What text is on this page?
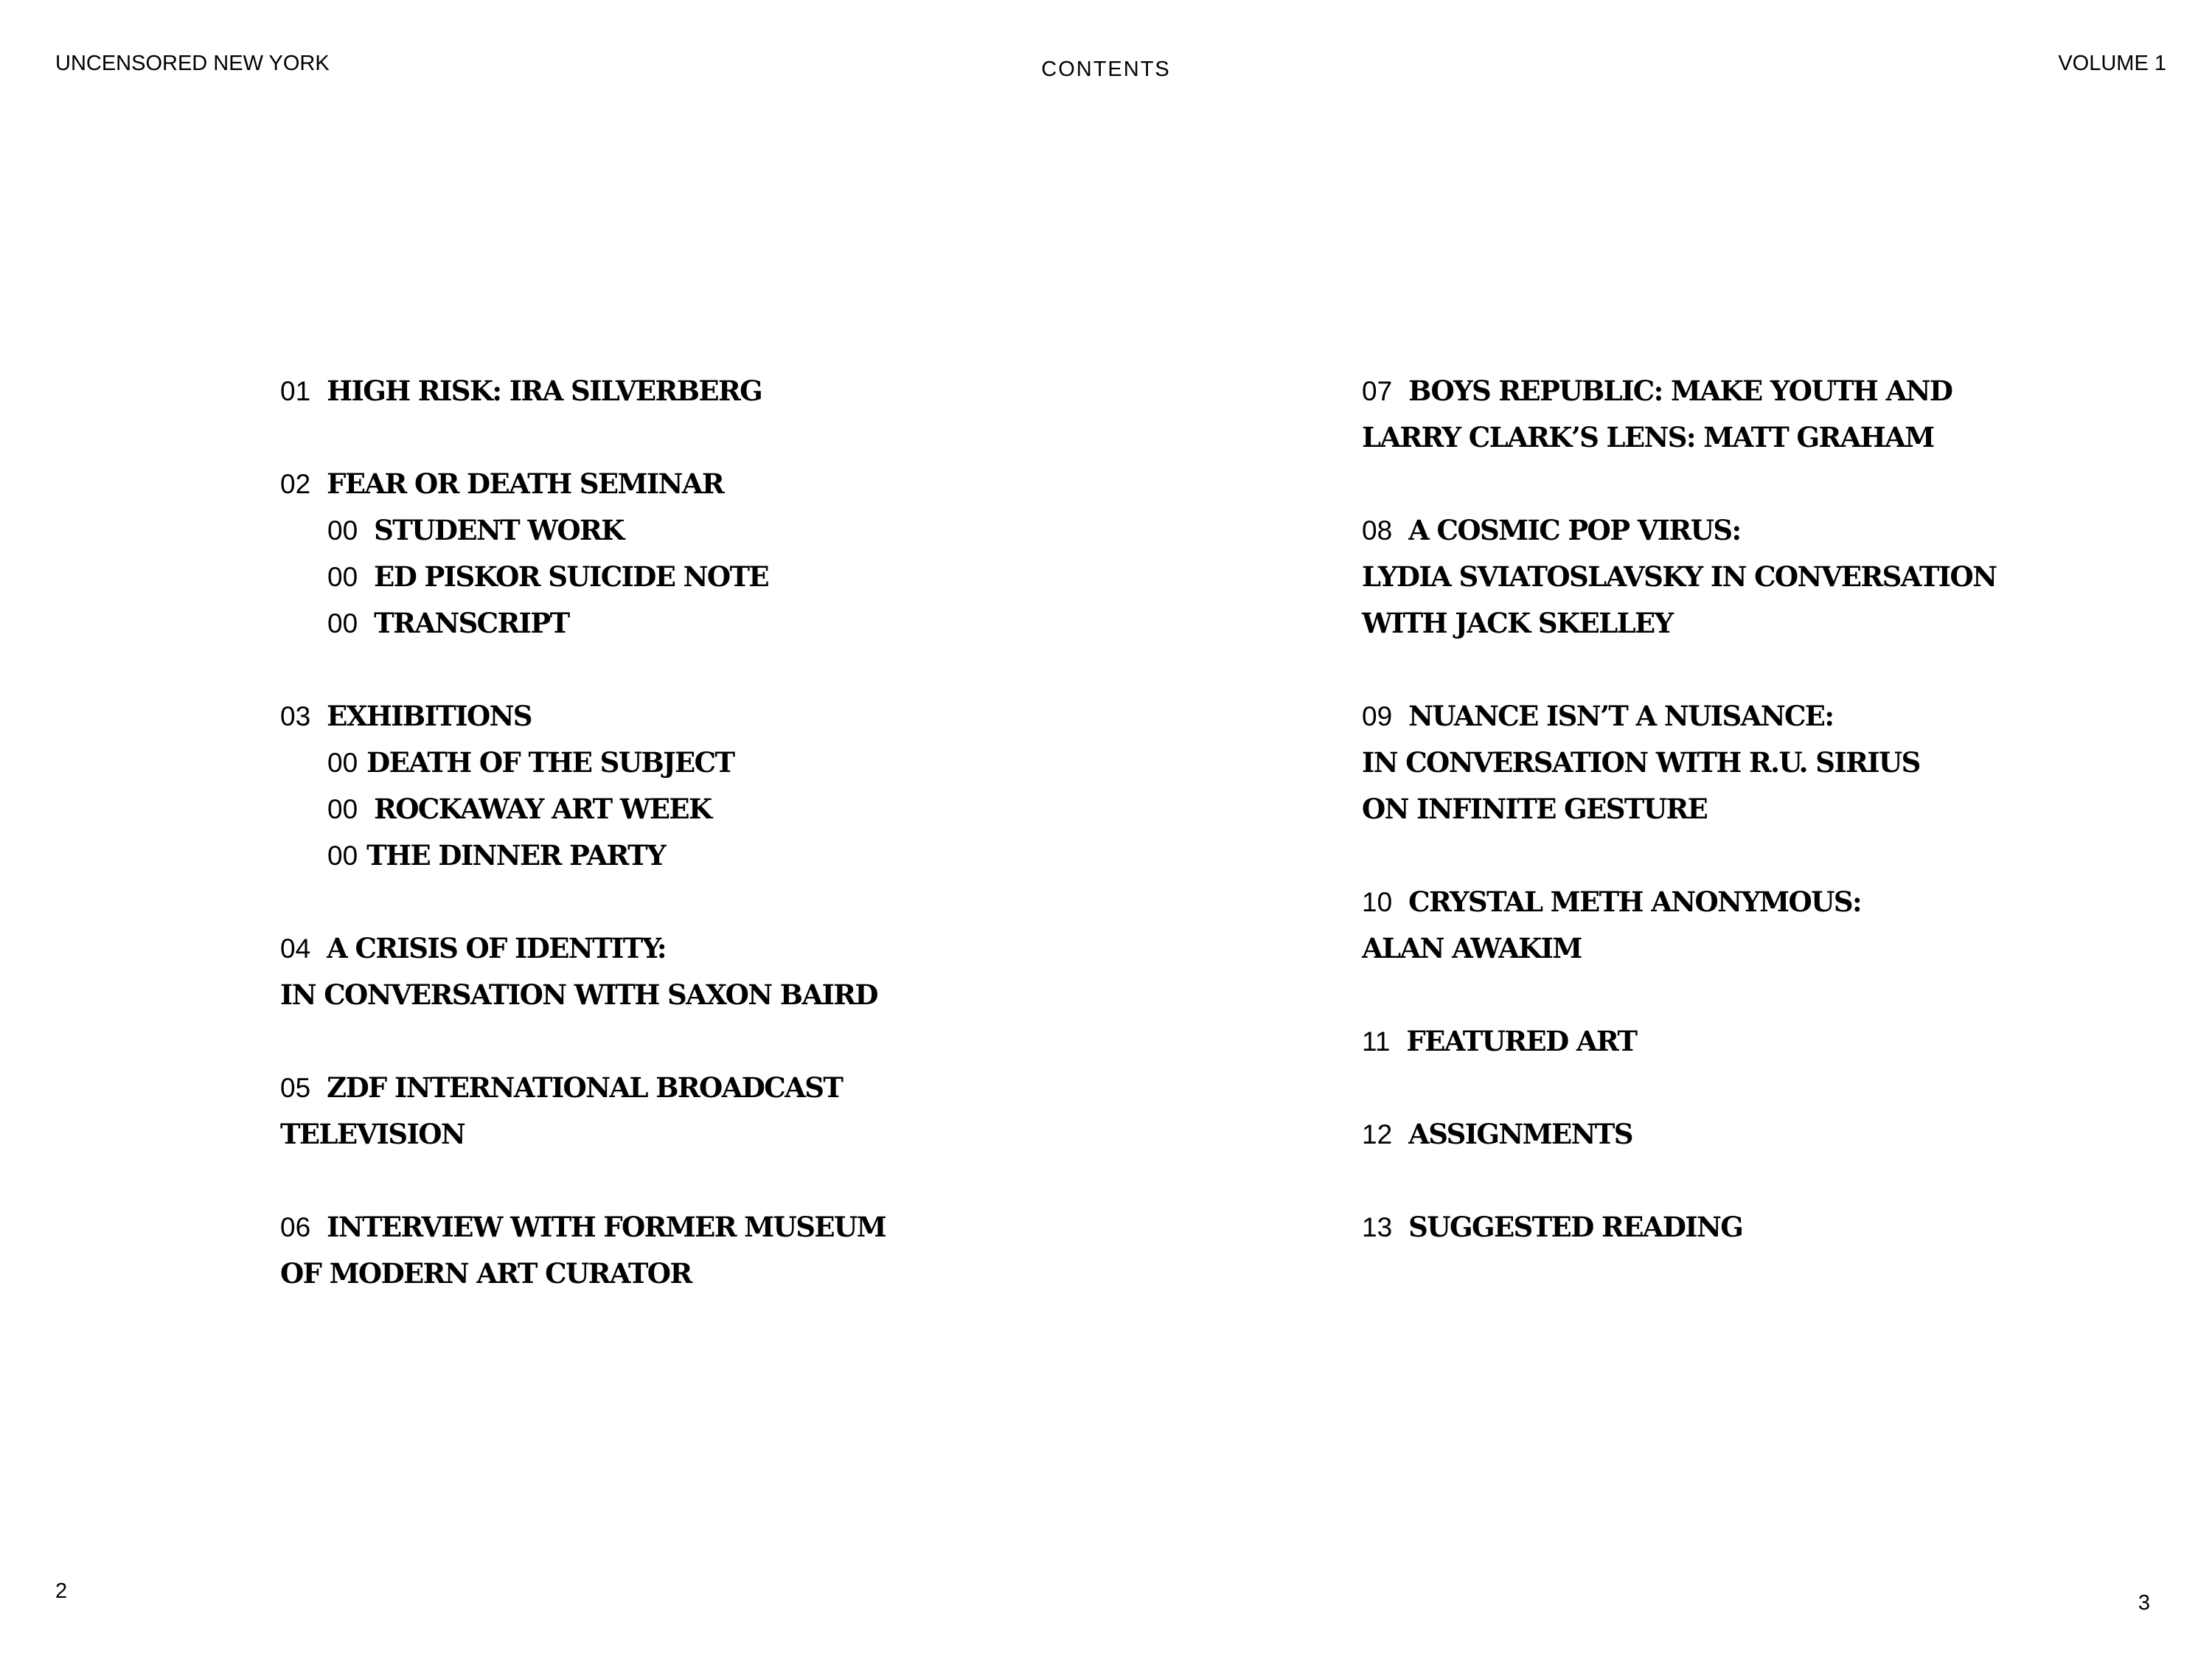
UNCENSORED NEW YORK	CONTENTS	VOLUME 1
01 HIGH RISK: IRA SILVERBERG
02 FEAR OR DEATH SEMINAR
00 STUDENT WORK
00 ED PISKOR SUICIDE NOTE
00 TRANSCRIPT
03 EXHIBITIONS
00 DEATH OF THE SUBJECT
00 ROCKAWAY ART WEEK
00 THE DINNER PARTY
04 A CRISIS OF IDENTITY:
IN CONVERSATION WITH SAXON BAIRD
05 ZDF INTERNATIONAL BROADCAST
TELEVISION
06 INTERVIEW WITH FORMER MUSEUM
OF MODERN ART CURATOR
07 BOYS REPUBLIC: MAKE YOUTH AND
LARRY CLARK’S LENS: MATT GRAHAM
08 A COSMIC POP VIRUS:
LYDIA SVIATOSLAVSKY IN CONVERSATION
WITH JACK SKELLEY
09 NUANCE ISN’T A NUISANCE:
IN CONVERSATION WITH R.U. SIRIUS
ON INFINITE GESTURE
10 CRYSTAL METH ANONYMOUS:
ALAN AWAKIM
11 FEATURED ART
12 ASSIGNMENTS
13 SUGGESTED READING
2	3
